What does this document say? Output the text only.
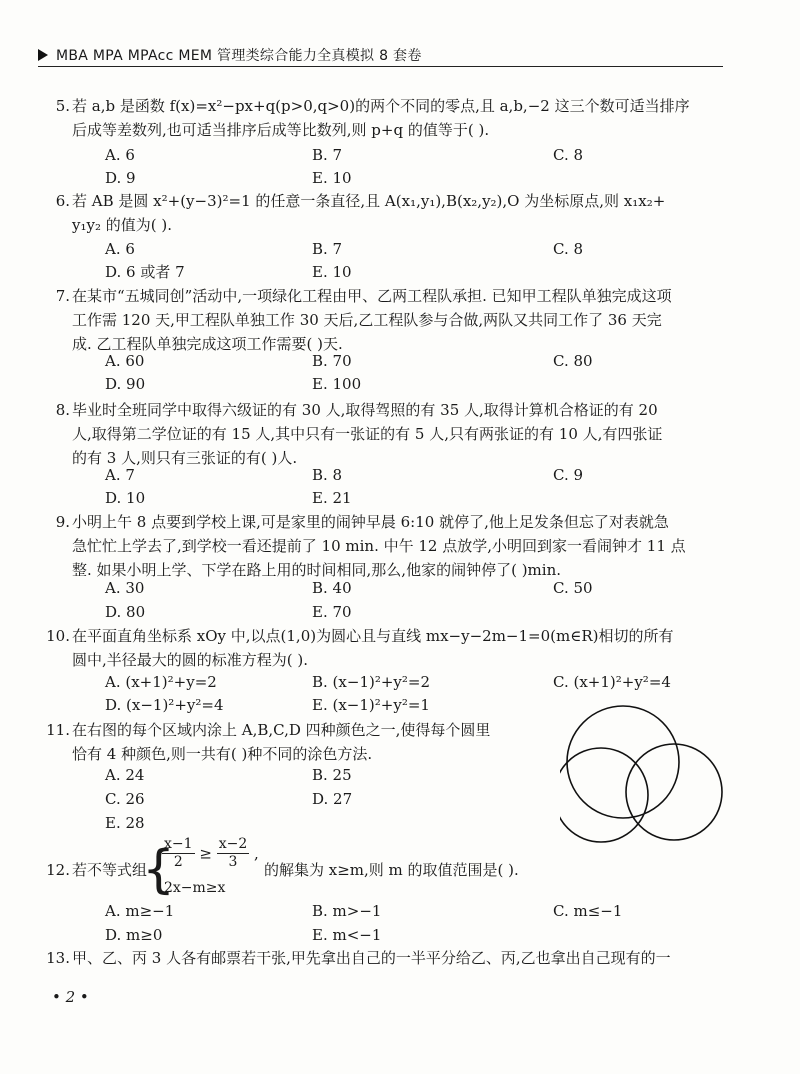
MBA MPA MPAcc MEM 管理类综合能力全真模拟 8 套卷
5. 若 a,b 是函数 f(x)=x²−px+q(p>0,q>0)的两个不同的零点,且 a,b,−2 这三个数可适当排序
后成等差数列,也可适当排序后成等比数列,则 p+q 的值等于( ).
A. 6	B. 7	C. 8
D. 9	E. 10
6. 若 AB 是圆 x²+(y−3)²=1 的任意一条直径,且 A(x₁,y₁),B(x₂,y₂),O 为坐标原点,则 x₁x₂+
y₁y₂ 的值为( ).
A. 6	B. 7	C. 8
D. 6 或者 7	E. 10
7. 在某市“五城同创”活动中,一项绿化工程由甲、乙两工程队承担. 已知甲工程队单独完成这项
工作需 120 天,甲工程队单独工作 30 天后,乙工程队参与合做,两队又共同工作了 36 天完
成. 乙工程队单独完成这项工作需要( )天.
A. 60	B. 70	C. 80
D. 90	E. 100
8. 毕业时全班同学中取得六级证的有 30 人,取得驾照的有 35 人,取得计算机合格证的有 20
人,取得第二学位证的有 15 人,其中只有一张证的有 5 人,只有两张证的有 10 人,有四张证
的有 3 人,则只有三张证的有( )人.
A. 7	B. 8	C. 9
D. 10	E. 21
9. 小明上午 8 点要到学校上课,可是家里的闹钟早晨 6:10 就停了,他上足发条但忘了对表就急
急忙忙上学去了,到学校一看还提前了 10 min. 中午 12 点放学,小明回到家一看闹钟才 11 点
整. 如果小明上学、下学在路上用的时间相同,那么,他家的闹钟停了( )min.
A. 30	B. 40	C. 50
D. 80	E. 70
10. 在平面直角坐标系 xOy 中,以点(1,0)为圆心且与直线 mx−y−2m−1=0(m∈R)相切的所有
圆中,半径最大的圆的标准方程为( ).
A. (x+1)²+y=2	B. (x−1)²+y²=2	C. (x+1)²+y²=4
D. (x−1)²+y²=4	E. (x−1)²+y²=1
11. 在右图的每个区域内涂上 A,B,C,D 四种颜色之一,使得每个圆里
恰有 4 种颜色,则一共有( )种不同的涂色方法.
A. 24	B. 25
C. 26	D. 27
E. 28
12. 若不等式组
{
$\frac{x-1}{2} \ge \frac{x-2}{3}$ ,
2x−m≥x
的解集为 x≥m,则 m 的取值范围是( ).
A. m≥−1	B. m>−1	C. m≤−1
D. m≥0	E. m<−1
13. 甲、乙、丙 3 人各有邮票若干张,甲先拿出自己的一半平分给乙、丙,乙也拿出自己现有的一
• 2 •
